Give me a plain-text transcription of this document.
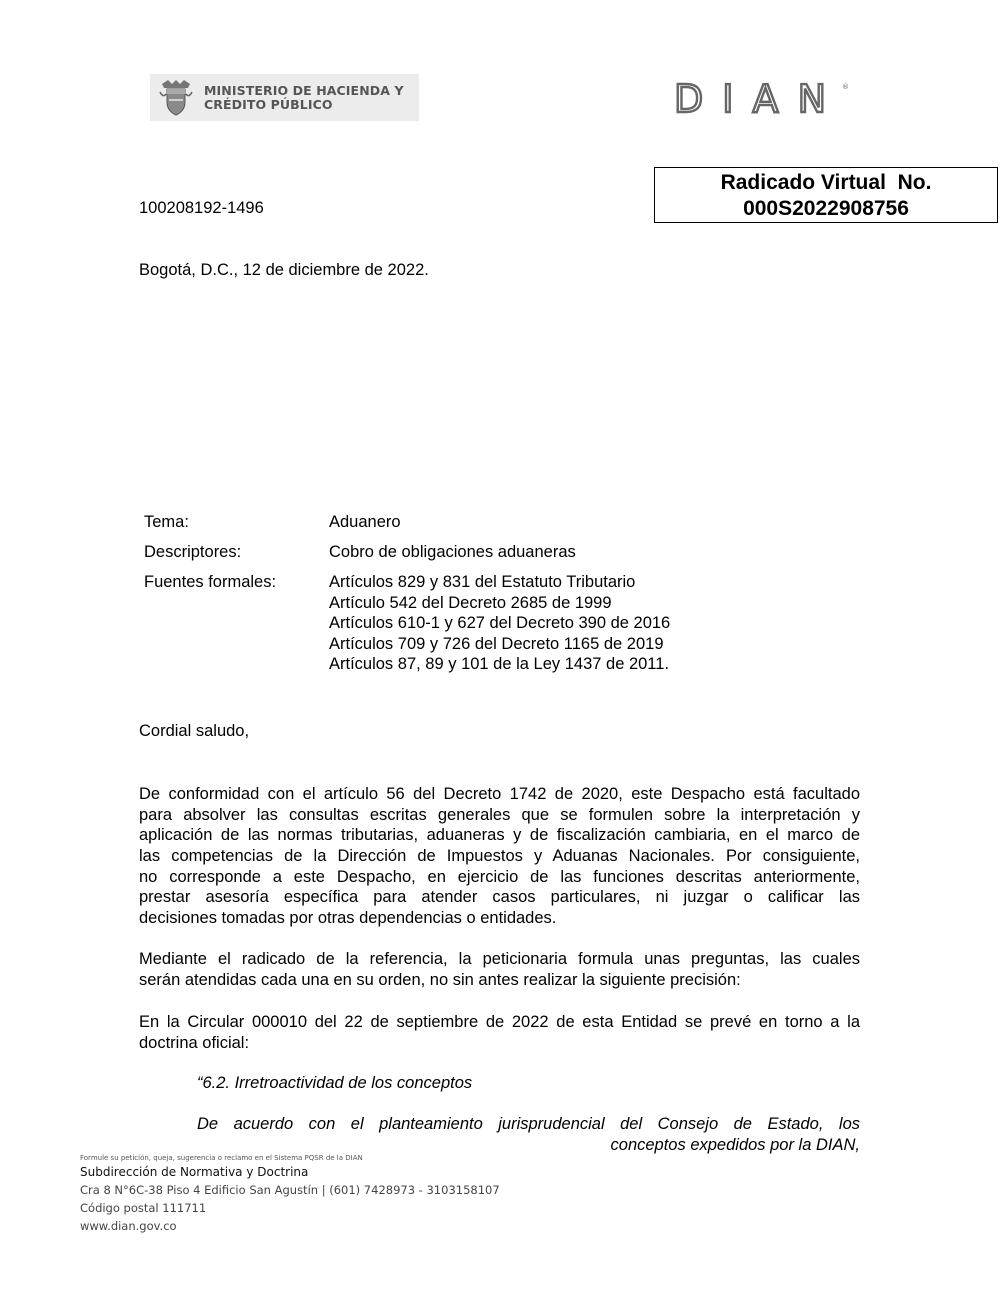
MINISTERIO DE HACIENDA Y
CRÉDITO PÚBLICO	DIAN ®
Radicado Virtual  No.
000S2022908756
100208192-1496
Bogotá, D.C., 12 de diciembre de 2022.
Tema:	Aduanero
Descriptores:	Cobro de obligaciones aduaneras
Fuentes formales:	Artículos 829 y 831 del Estatuto Tributario
Artículo 542 del Decreto 2685 de 1999
Artículos 610-1 y 627 del Decreto 390 de 2016
Artículos 709 y 726 del Decreto 1165 de 2019
Artículos 87, 89 y 101 de la Ley 1437 de 2011.
Cordial saludo,
De conformidad con el artículo 56 del Decreto 1742 de 2020, este Despacho está facultado
para absolver las consultas escritas generales que se formulen sobre la interpretación y
aplicación de las normas tributarias, aduaneras y de fiscalización cambiaria, en el marco de
las competencias de la Dirección de Impuestos y Aduanas Nacionales. Por consiguiente,
no corresponde a este Despacho, en ejercicio de las funciones descritas anteriormente,
prestar asesoría específica para atender casos particulares, ni juzgar o calificar las
decisiones tomadas por otras dependencias o entidades.
Mediante el radicado de la referencia, la peticionaria formula unas preguntas, las cuales
serán atendidas cada una en su orden, no sin antes realizar la siguiente precisión:
En la Circular 000010 del 22 de septiembre de 2022 de esta Entidad se prevé en torno a la
doctrina oficial:
“6.2. Irretroactividad de los conceptos
De acuerdo con el planteamiento jurisprudencial del Consejo de Estado, los
conceptos expedidos por la DIAN,
Formule su petición, queja, sugerencia o reclamo en el Sistema PQSR de la DIAN
Subdirección de Normativa y Doctrina
Cra 8 N°6C-38 Piso 4 Edificio San Agustín | (601) 7428973 - 3103158107
Código postal 111711
www.dian.gov.co
